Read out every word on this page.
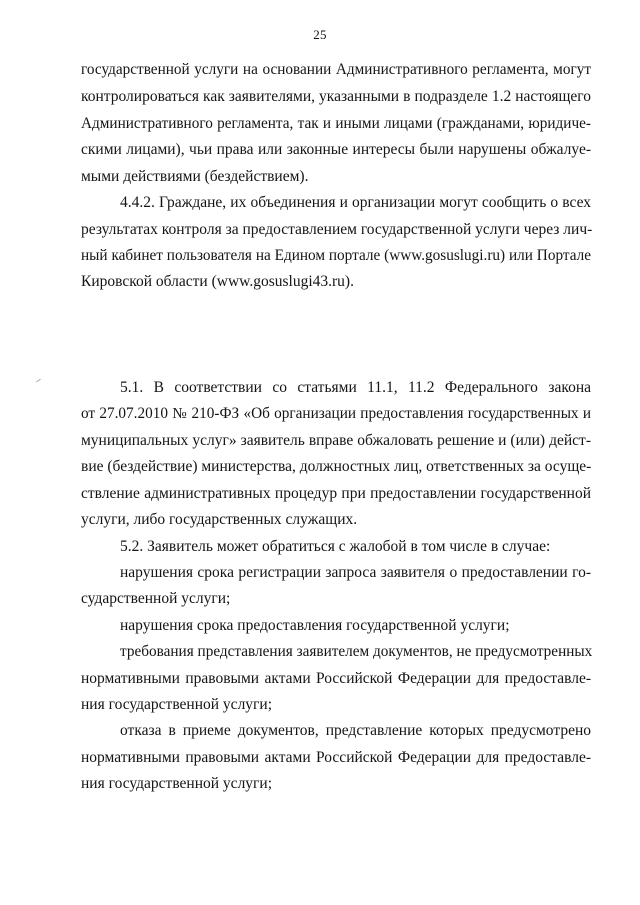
25
государственной услуги на основании Административного регламента, могут
контролироваться как заявителями, указанными в подразделе 1.2 настоящего
Административного регламента, так и иными лицами (гражданами, юридиче-
скими лицами), чьи права или законные интересы были нарушены обжалуе-
мыми действиями (бездействием).
4.4.2. Граждане, их объединения и организации могут сообщить о всех
результатах контроля за предоставлением государственной услуги через лич-
ный кабинет пользователя на Едином портале (www.gosuslugi.ru) или Портале
Кировской области (www.gosuslugi43.ru).
5.1. В соответствии со статьями 11.1, 11.2 Федерального закона
от 27.07.2010 № 210-ФЗ «Об организации предоставления государственных и
муниципальных услуг» заявитель вправе обжаловать решение и (или) дейст-
вие (бездействие) министерства, должностных лиц, ответственных за осуще-
ствление административных процедур при предоставлении государственной
услуги, либо государственных служащих.
5.2. Заявитель может обратиться с жалобой в том числе в случае:
нарушения срока регистрации запроса заявителя о предоставлении го-
сударственной услуги;
нарушения срока предоставления государственной услуги;
требования представления заявителем документов, не предусмотренных
нормативными правовыми актами Российской Федерации для предоставле-
ния государственной услуги;
отказа в приеме документов, представление которых предусмотрено
нормативными правовыми актами Российской Федерации для предоставле-
ния государственной услуги;
